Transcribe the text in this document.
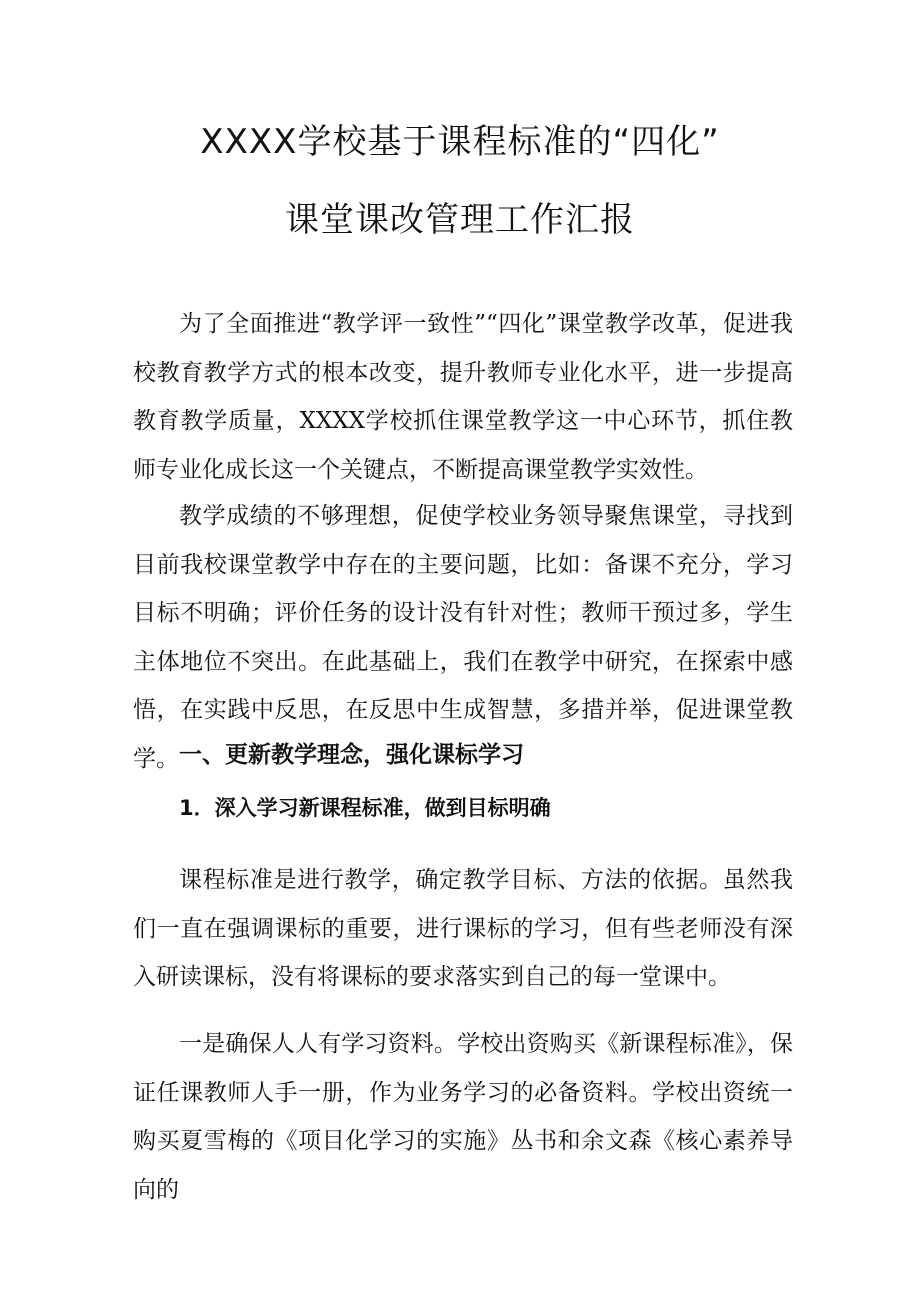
XXXX学校基于课程标准的“四化”
课堂课改管理工作汇报

为了全面推进“教学评一致性”“四化”课堂教学改革，促进我校教育教学方式的根本改变，提升教师专业化水平，进一步提高教育教学质量，XXXX学校抓住课堂教学这一中心环节，抓住教师专业化成长这一个关键点，不断提高课堂教学实效性。

教学成绩的不够理想，促使学校业务领导聚焦课堂，寻找到目前我校课堂教学中存在的主要问题，比如：备课不充分，学习目标不明确；评价任务的设计没有针对性；教师干预过多，学生主体地位不突出。在此基础上，我们在教学中研究，在探索中感悟，在实践中反思，在反思中生成智慧，多措并举，促进课堂教学。 一、更新教学理念，强化课标学习
1．深入学习新课程标准，做到目标明确

课程标准是进行教学，确定教学目标、方法的依据。虽然我们一直在强调课标的重要，进行课标的学习，但有些老师没有深入研读课标，没有将课标的要求落实到自己的每一堂课中。

一是确保人人有学习资料。学校出资购买《新课程标准》，保证任课教师人手一册，作为业务学习的必备资料。学校出资统一购买夏雪梅的《项目化学习的实施》丛书和余文森《核心素养导向的
